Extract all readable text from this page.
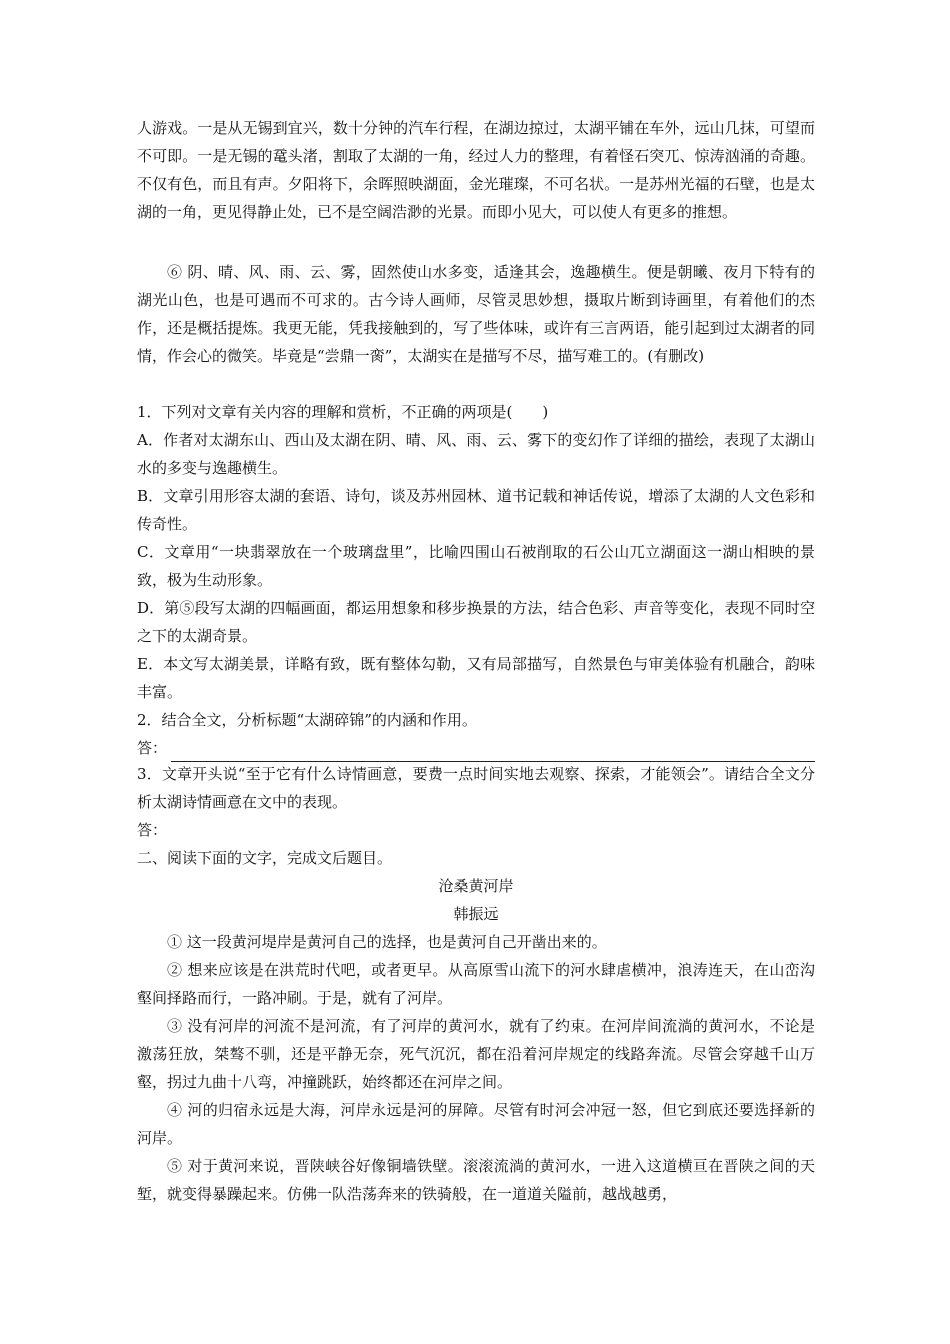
人游戏。一是从无锡到宜兴，数十分钟的汽车行程，在湖边掠过，太湖平铺在车外，远山几抹，可望而不可即。一是无锡的鼋头渚，割取了太湖的一角，经过人力的整理，有着怪石突兀、惊涛汹涌的奇趣。不仅有色，而且有声。夕阳将下，余晖照映湖面，金光璀璨，不可名状。一是苏州光福的石壁，也是太湖的一角，更见得静止处，已不是空阔浩渺的光景。而即小见大，可以使人有更多的推想。

⑥ 阴、晴、风、雨、云、雾，固然使山水多变，适逢其会，逸趣横生。便是朝曦、夜月下特有的湖光山色，也是可遇而不可求的。古今诗人画师，尽管灵思妙想，摄取片断到诗画里，有着他们的杰作，还是概括提炼。我更无能，凭我接触到的，写了些体味，或许有三言两语，能引起到过太湖者的同情，作会心的微笑。毕竟是“尝鼎一脔”，太湖实在是描写不尽，描写难工的。(有删改)

1．下列对文章有关内容的理解和赏析，不正确的两项是(　　)

A．作者对太湖东山、西山及太湖在阴、晴、风、雨、云、雾下的变幻作了详细的描绘，表现了太湖山水的多变与逸趣横生。

B．文章引用形容太湖的套语、诗句，谈及苏州园林、道书记载和神话传说，增添了太湖的人文色彩和传奇性。

C．文章用“一块翡翠放在一个玻璃盘里”，比喻四围山石被削取的石公山兀立湖面这一湖山相映的景致，极为生动形象。

D．第⑤段写太湖的四幅画面，都运用想象和移步换景的方法，结合色彩、声音等变化，表现不同时空之下的太湖奇景。

E．本文写太湖美景，详略有致，既有整体勾勒，又有局部描写，自然景色与审美体验有机融合，韵味丰富。

2．结合全文，分析标题“太湖碎锦”的内涵和作用。

答：

3．文章开头说“至于它有什么诗情画意，要费一点时间实地去观察、探索，才能领会”。请结合全文分析太湖诗情画意在文中的表现。

答：

二、阅读下面的文字，完成文后题目。

沧桑黄河岸

韩振远

① 这一段黄河堤岸是黄河自己的选择，也是黄河自己开凿出来的。

② 想来应该是在洪荒时代吧，或者更早。从高原雪山流下的河水肆虐横冲，浪涛连天，在山峦沟壑间择路而行，一路冲刷。于是，就有了河岸。

③ 没有河岸的河流不是河流，有了河岸的黄河水，就有了约束。在河岸间流淌的黄河水，不论是激荡狂放，桀骜不驯，还是平静无奈，死气沉沉，都在沿着河岸规定的线路奔流。尽管会穿越千山万壑，拐过九曲十八弯，冲撞跳跃，始终都还在河岸之间。

④ 河的归宿永远是大海，河岸永远是河的屏障。尽管有时河会冲冠一怒，但它到底还要选择新的河岸。

⑤ 对于黄河来说，晋陕峡谷好像铜墙铁壁。滚滚流淌的黄河水，一进入这道横亘在晋陕之间的天堑，就变得暴躁起来。仿佛一队浩荡奔来的铁骑般，在一道道关隘前，越战越勇，
